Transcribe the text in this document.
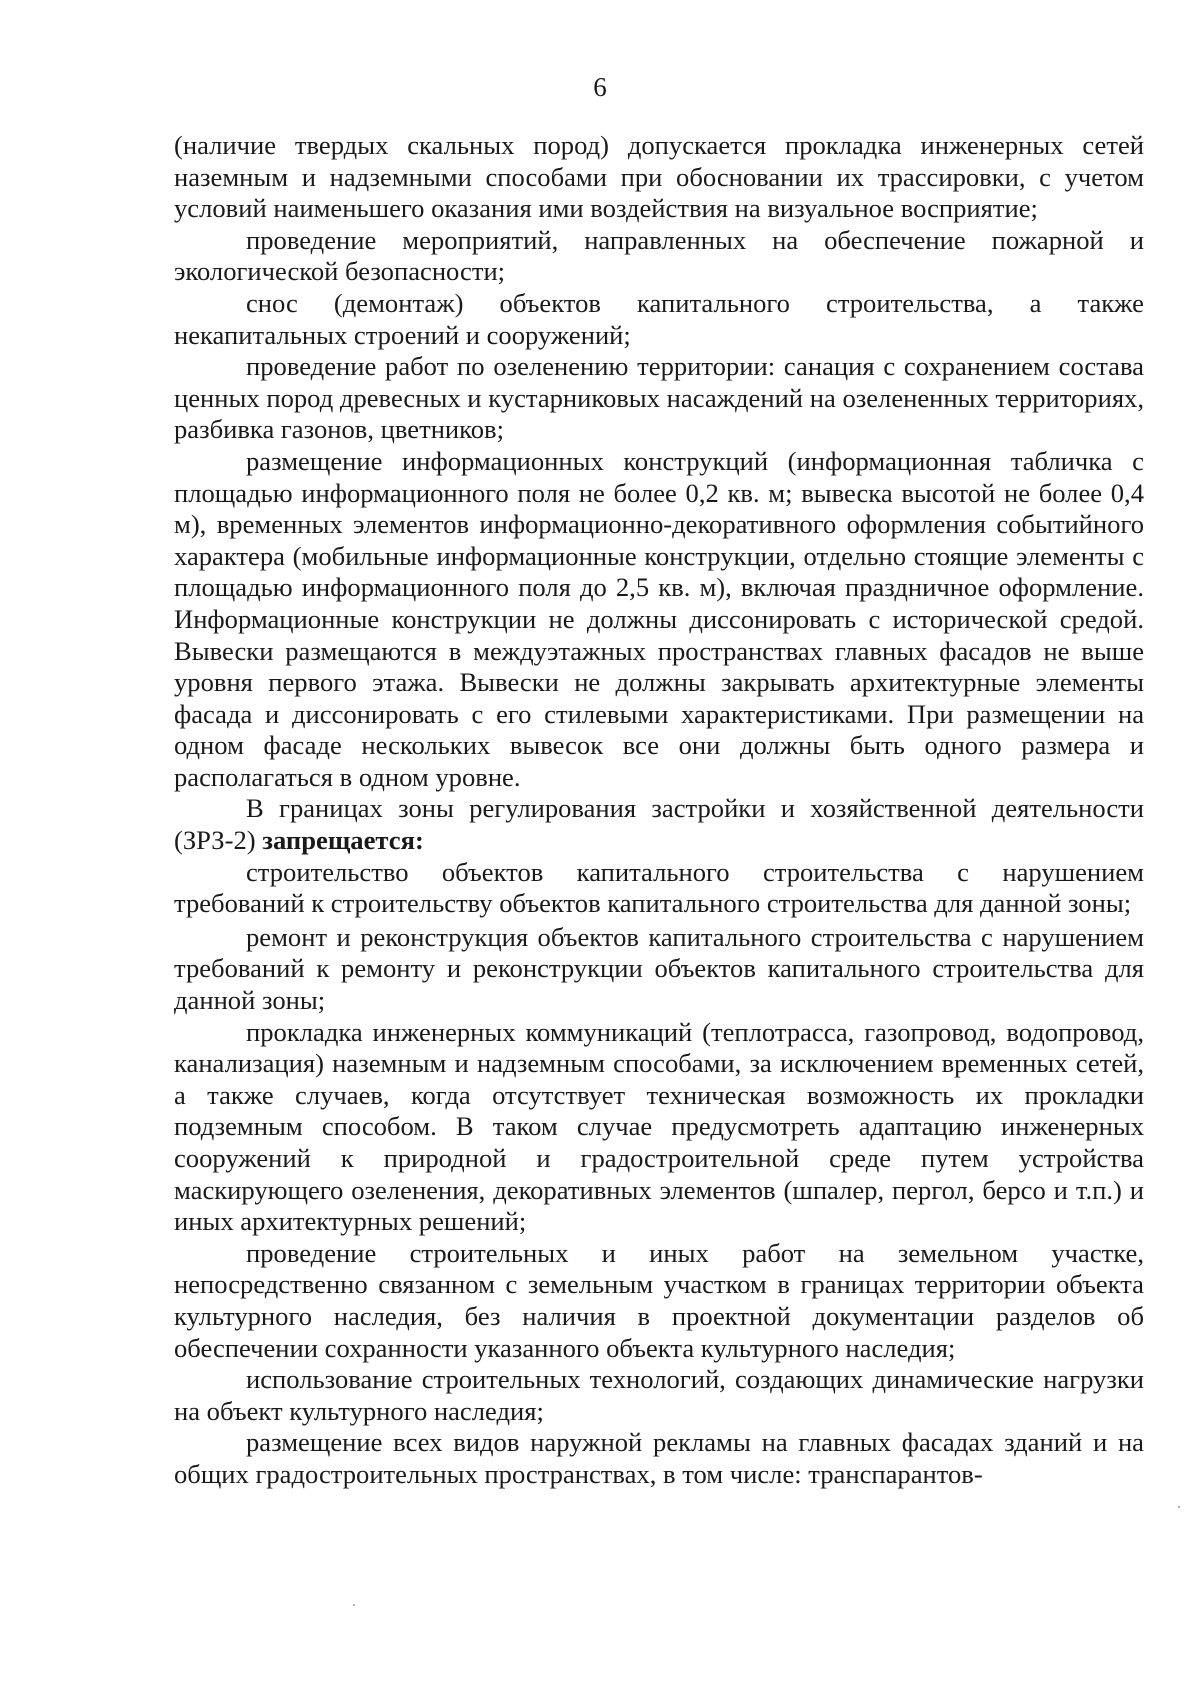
6

(наличие твердых скальных пород) допускается прокладка инженерных сетей наземным и надземными способами при обосновании их трассировки, с учетом условий наименьшего оказания ими воздействия на визуальное восприятие;

проведение мероприятий, направленных на обеспечение пожарной и экологической безопасности;

снос (демонтаж) объектов капитального строительства, а также некапитальных строений и сооружений;

проведение работ по озеленению территории: санация с сохранением состава ценных пород древесных и кустарниковых насаждений на озелененных территориях, разбивка газонов, цветников;

размещение информационных конструкций (информационная табличка с площадью информационного поля не более 0,2 кв. м; вывеска высотой не более 0,4 м), временных элементов информационно-декоративного оформления событийного характера (мобильные информационные конструкции, отдельно стоящие элементы с площадью информационного поля до 2,5 кв. м), включая праздничное оформление. Информационные конструкции не должны диссонировать с исторической средой. Вывески размещаются в междуэтажных пространствах главных фасадов не выше уровня первого этажа. Вывески не должны закрывать архитектурные элементы фасада и диссонировать с его стилевыми характеристиками. При размещении на одном фасаде нескольких вывесок все они должны быть одного размера и располагаться в одном уровне.

В границах зоны регулирования застройки и хозяйственной деятельности (ЗРЗ-2) запрещается:

строительство объектов капитального строительства с нарушением требований к строительству объектов капитального строительства для данной зоны;

ремонт и реконструкция объектов капитального строительства с нарушением требований к ремонту и реконструкции объектов капитального строительства для данной зоны;

прокладка инженерных коммуникаций (теплотрасса, газопровод, водопровод, канализация) наземным и надземным способами, за исключением временных сетей, а также случаев, когда отсутствует техническая возможность их прокладки подземным способом. В таком случае предусмотреть адаптацию инженерных сооружений к природной и градостроительной среде путем устройства маскирующего озеленения, декоративных элементов (шпалер, пергол, берсо и т.п.) и иных архитектурных решений;

проведение строительных и иных работ на земельном участке, непосредственно связанном с земельным участком в границах территории объекта культурного наследия, без наличия в проектной документации разделов об обеспечении сохранности указанного объекта культурного наследия;

использование строительных технологий, создающих динамические нагрузки на объект культурного наследия;

размещение всех видов наружной рекламы на главных фасадах зданий и на общих градостроительных пространствах, в том числе: транспарантов-
